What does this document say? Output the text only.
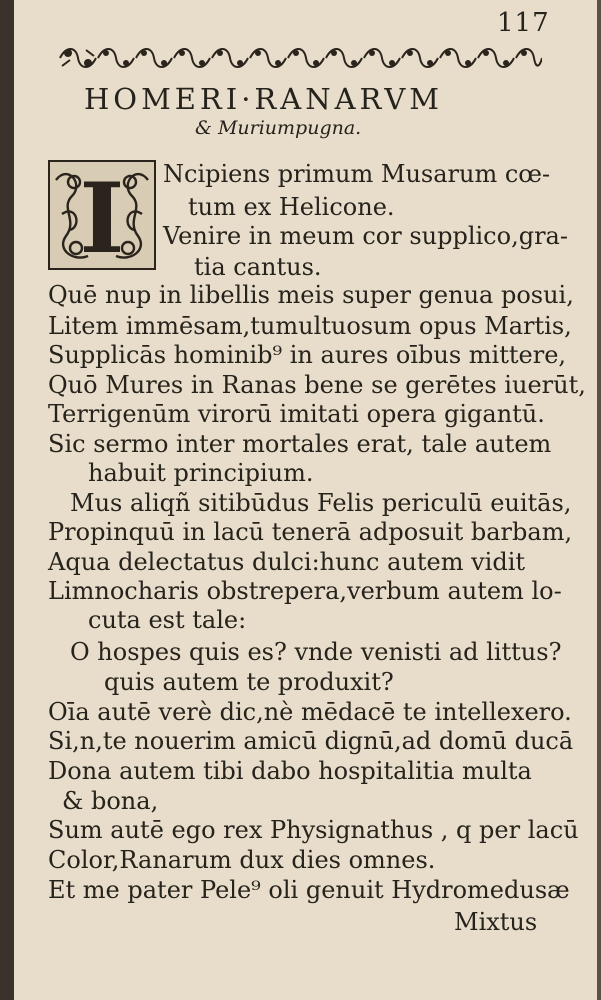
117
HOMERI·RANARVM
& Muriumpugna.
I Ncipiens primum Musarum cœ-
tum ex Helicone.
Venire in meum cor supplico,gra-
tia cantus.
Quē nup in libellis meis super genua posui,
Litem immēsam,tumultuosum opus Martis,
Supplicās hominib⁹ in aures oībus mittere,
Quō Mures in Ranas bene se gerētes iuerūt,
Terrigenūm virorū imitati opera gigantū.
Sic sermo inter mortales erat, tale autem
habuit principium.
Mus aliqñ sitibūdus Felis periculū euitās,
Propinquū in lacū tenerā adposuit barbam,
Aqua delectatus dulci:hunc autem vidit
Limnocharis obstrepera,verbum autem lo-
cuta est tale:
O hospes quis es? vnde venisti ad littus?
quis autem te produxit?
Oīa autē verè dic,nè mēdacē te intellexero.
Si,n,te nouerim amicū dignū,ad domū ducā
Dona autem tibi dabo hospitalitia multa
& bona,
Sum autē ego rex Physignathus , q per lacū
Color,Ranarum dux dies omnes.
Et me pater Pele⁹ oli genuit Hydromedusæ
Mixtus
